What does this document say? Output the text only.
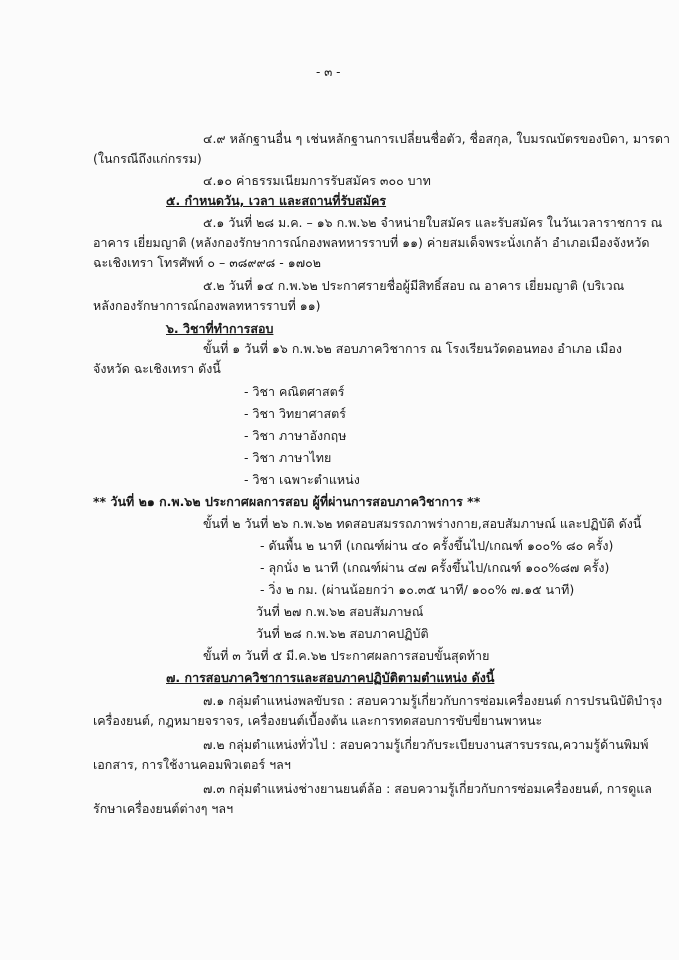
- ๓ -
๔.๙ หลักฐานอื่น ๆ เช่นหลักฐานการเปลี่ยนชื่อตัว, ชื่อสกุล, ใบมรณบัตรของบิดา, มารดา
(ในกรณีถึงแก่กรรม)
๔.๑๐ ค่าธรรมเนียมการรับสมัคร ๓๐๐ บาท
๕. กำหนดวัน, เวลา และสถานที่รับสมัคร
๕.๑ วันที่ ๒๘ ม.ค. – ๑๖ ก.พ.๖๒ จำหน่ายใบสมัคร และรับสมัคร ในวันเวลาราชการ ณ
อาคาร เยี่ยมญาติ (หลังกองรักษาการณ์กองพลทหารราบที่ ๑๑) ค่ายสมเด็จพระนั่งเกล้า อำเภอเมืองจังหวัด
ฉะเชิงเทรา โทรศัพท์ ๐ – ๓๘๙๙๘ - ๑๗๐๒
๕.๒ วันที่ ๑๔ ก.พ.๖๒ ประกาศรายชื่อผู้มีสิทธิ์สอบ ณ อาคาร เยี่ยมญาติ (บริเวณ
หลังกองรักษาการณ์กองพลทหารราบที่ ๑๑)
๖. วิชาที่ทำการสอบ
ขั้นที่ ๑ วันที่ ๑๖ ก.พ.๖๒ สอบภาควิชาการ ณ โรงเรียนวัดดอนทอง อำเภอ เมือง
จังหวัด ฉะเชิงเทรา ดังนี้
- วิชา คณิตศาสตร์
- วิชา วิทยาศาสตร์
- วิชา ภาษาอังกฤษ
- วิชา ภาษาไทย
- วิชา เฉพาะตำแหน่ง
** วันที่ ๒๑ ก.พ.๖๒ ประกาศผลการสอบ ผู้ที่ผ่านการสอบภาควิชาการ **
ขั้นที่ ๒ วันที่ ๒๖ ก.พ.๖๒ ทดสอบสมรรถภาพร่างกาย,สอบสัมภาษณ์ และปฏิบัติ ดังนี้
- ดันพื้น ๒ นาที (เกณฑ์ผ่าน ๔๐ ครั้งขึ้นไป/เกณฑ์ ๑๐๐% ๘๐ ครั้ง)
- ลุกนั่ง ๒ นาที (เกณฑ์ผ่าน ๔๗ ครั้งขึ้นไป/เกณฑ์ ๑๐๐%๘๗ ครั้ง)
- วิ่ง ๒ กม. (ผ่านน้อยกว่า ๑๐.๓๕ นาที/ ๑๐๐% ๗.๑๕ นาที)
วันที่ ๒๗ ก.พ.๖๒ สอบสัมภาษณ์
วันที่ ๒๘ ก.พ.๖๒ สอบภาคปฏิบัติ
ขั้นที่ ๓ วันที่ ๕ มี.ค.๖๒ ประกาศผลการสอบขั้นสุดท้าย
๗. การสอบภาควิชาการและสอบภาคปฏิบัติตามตำแหน่ง ดังนี้
๗.๑ กลุ่มตำแหน่งพลขับรถ : สอบความรู้เกี่ยวกับการซ่อมเครื่องยนต์ การปรนนิบัติบำรุง
เครื่องยนต์, กฎหมายจราจร, เครื่องยนต์เบื้องต้น และการทดสอบการขับขี่ยานพาหนะ
๗.๒ กลุ่มตำแหน่งทั่วไป : สอบความรู้เกี่ยวกับระเบียบงานสารบรรณ,ความรู้ด้านพิมพ์
เอกสาร, การใช้งานคอมพิวเตอร์ ฯลฯ
๗.๓ กลุ่มตำแหน่งช่างยานยนต์ล้อ : สอบความรู้เกี่ยวกับการซ่อมเครื่องยนต์, การดูแล
รักษาเครื่องยนต์ต่างๆ ฯลฯ
